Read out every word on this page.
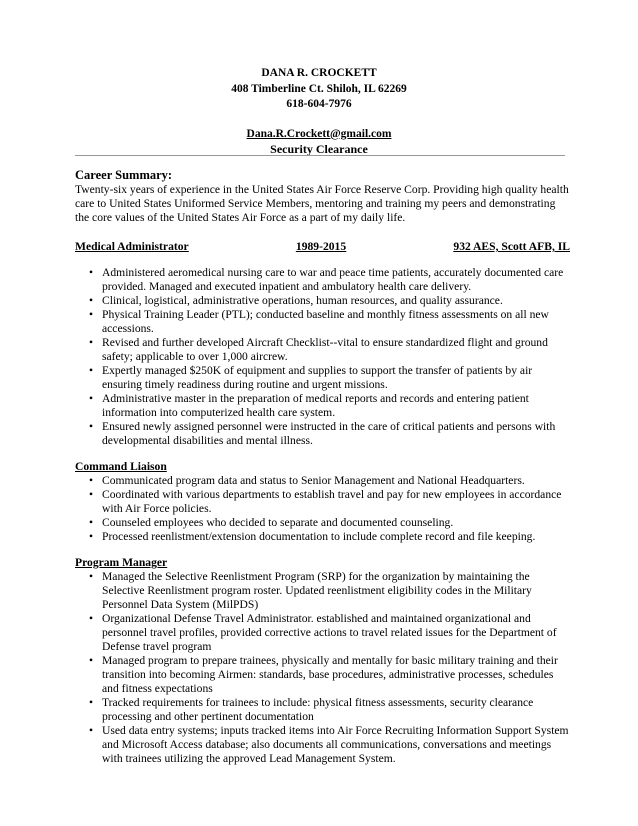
DANA R. CROCKETT
408 Timberline Ct. Shiloh, IL 62269
618-604-7976
Dana.R.Crockett@gmail.com
Security Clearance
Career Summary:

Twenty-six years of experience in the United States Air Force Reserve Corp. Providing high quality health care to United States Uniformed Service Members, mentoring and training my peers and demonstrating the core values of the United States Air Force as a part of my daily life.

Medical Administrator	1989-2015	932 AES, Scott AFB, IL
• Administered aeromedical nursing care to war and peace time patients, accurately documented care provided. Managed and executed inpatient and ambulatory health care delivery.
• Clinical, logistical, administrative operations, human resources, and quality assurance.
• Physical Training Leader (PTL); conducted baseline and monthly fitness assessments on all new accessions.
• Revised and further developed Aircraft Checklist--vital to ensure standardized flight and ground safety; applicable to over 1,000 aircrew.
• Expertly managed $250K of equipment and supplies to support the transfer of patients by air ensuring timely readiness during routine and urgent missions.
• Administrative master in the preparation of medical reports and records and entering patient information into computerized health care system.
• Ensured newly assigned personnel were instructed in the care of critical patients and persons with developmental disabilities and mental illness.
Command Liaison
• Communicated program data and status to Senior Management and National Headquarters.
• Coordinated with various departments to establish travel and pay for new employees in accordance with Air Force policies.
• Counseled employees who decided to separate and documented counseling.
• Processed reenlistment/extension documentation to include complete record and file keeping.
Program Manager
• Managed the Selective Reenlistment Program (SRP) for the organization by maintaining the Selective Reenlistment program roster. Updated reenlistment eligibility codes in the Military Personnel Data System (MilPDS)
• Organizational Defense Travel Administrator. established and maintained organizational and personnel travel profiles, provided corrective actions to travel related issues for the Department of Defense travel program
• Managed program to prepare trainees, physically and mentally for basic military training and their transition into becoming Airmen: standards, base procedures, administrative processes, schedules and fitness expectations
• Tracked requirements for trainees to include: physical fitness assessments, security clearance processing and other pertinent documentation
• Used data entry systems; inputs tracked items into Air Force Recruiting Information Support System and Microsoft Access database; also documents all communications, conversations and meetings with trainees utilizing the approved Lead Management System.
